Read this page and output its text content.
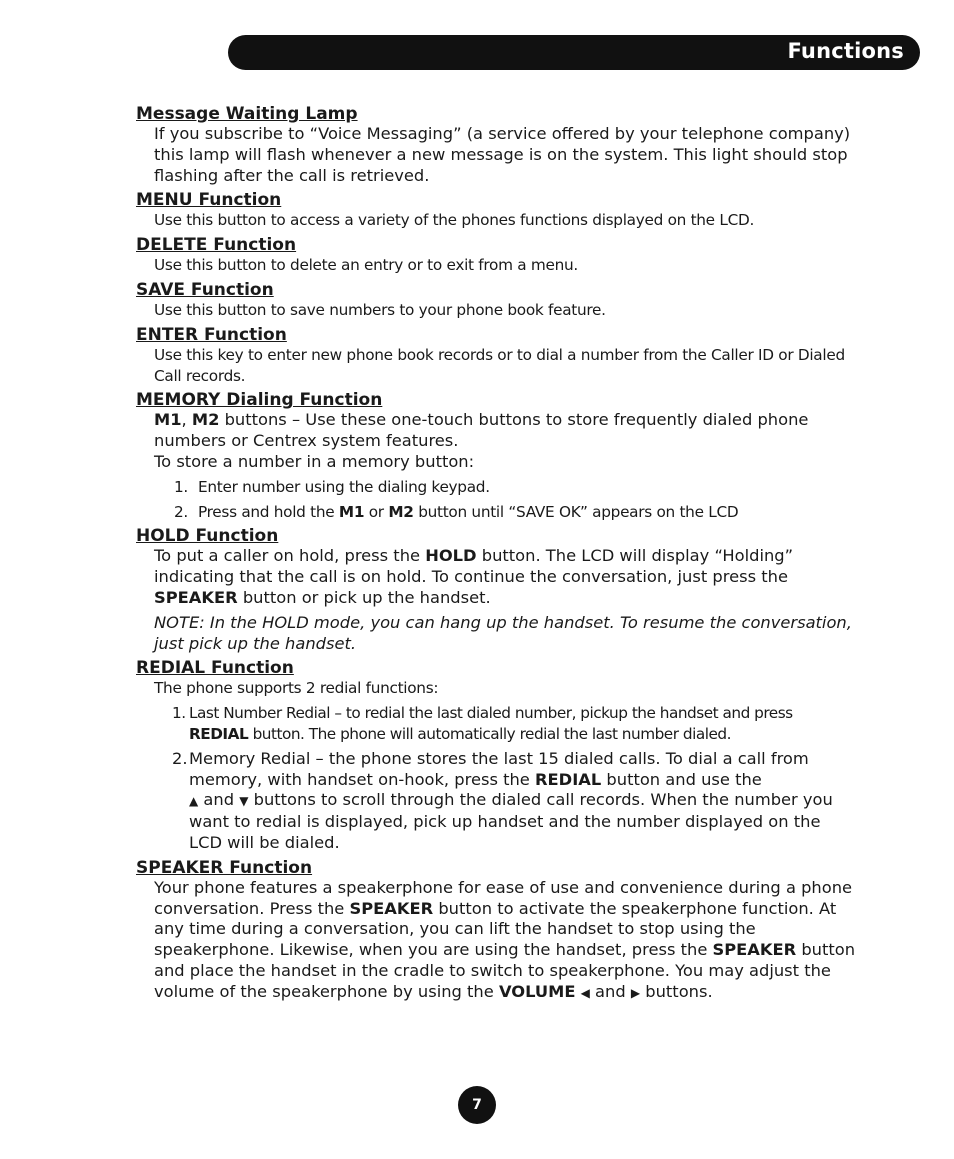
Functions
Message Waiting Lamp
If you subscribe to “Voice Messaging” (a service offered by your telephone company) this lamp will flash whenever a new message is on the system. This light should stop flashing after the call is retrieved.
MENU Function
Use this button to access a variety of the phones functions displayed on the LCD.
DELETE Function
Use this button to delete an entry or to exit from a menu.
SAVE Function
Use this button to save numbers to your phone book feature.
ENTER Function
Use this key to enter new phone book records or to dial a number from the Caller ID or Dialed Call records.
MEMORY Dialing Function
M1, M2 buttons – Use these one-touch buttons to store frequently dialed phone numbers or Centrex system features.
To store a number in a memory button:
1. Enter number using the dialing keypad.
2. Press and hold the M1 or M2 button until “SAVE OK” appears on the LCD
HOLD Function
To put a caller on hold, press the HOLD button. The LCD will display “Holding” indicating that the call is on hold. To continue the conversation, just press the SPEAKER button or pick up the handset.
NOTE: In the HOLD mode, you can hang up the handset. To resume the conversation, just pick up the handset.
REDIAL Function
The phone supports 2 redial functions:
1. Last Number Redial – to redial the last dialed number, pickup the handset and press REDIAL button. The phone will automatically redial the last number dialed.
2. Memory Redial – the phone stores the last 15 dialed calls. To dial a call from memory, with handset on-hook, press the REDIAL button and use the
▲ and ▼ buttons to scroll through the dialed call records. When the number you want to redial is displayed, pick up handset and the number displayed on the LCD will be dialed.
SPEAKER Function
Your phone features a speakerphone for ease of use and convenience during a phone conversation. Press the SPEAKER button to activate the speakerphone function. At any time during a conversation, you can lift the handset to stop using the speakerphone. Likewise, when you are using the handset, press the SPEAKER button and place the handset in the cradle to switch to speakerphone. You may adjust the volume of the speakerphone by using the VOLUME ◀ and ▶ buttons.
7
